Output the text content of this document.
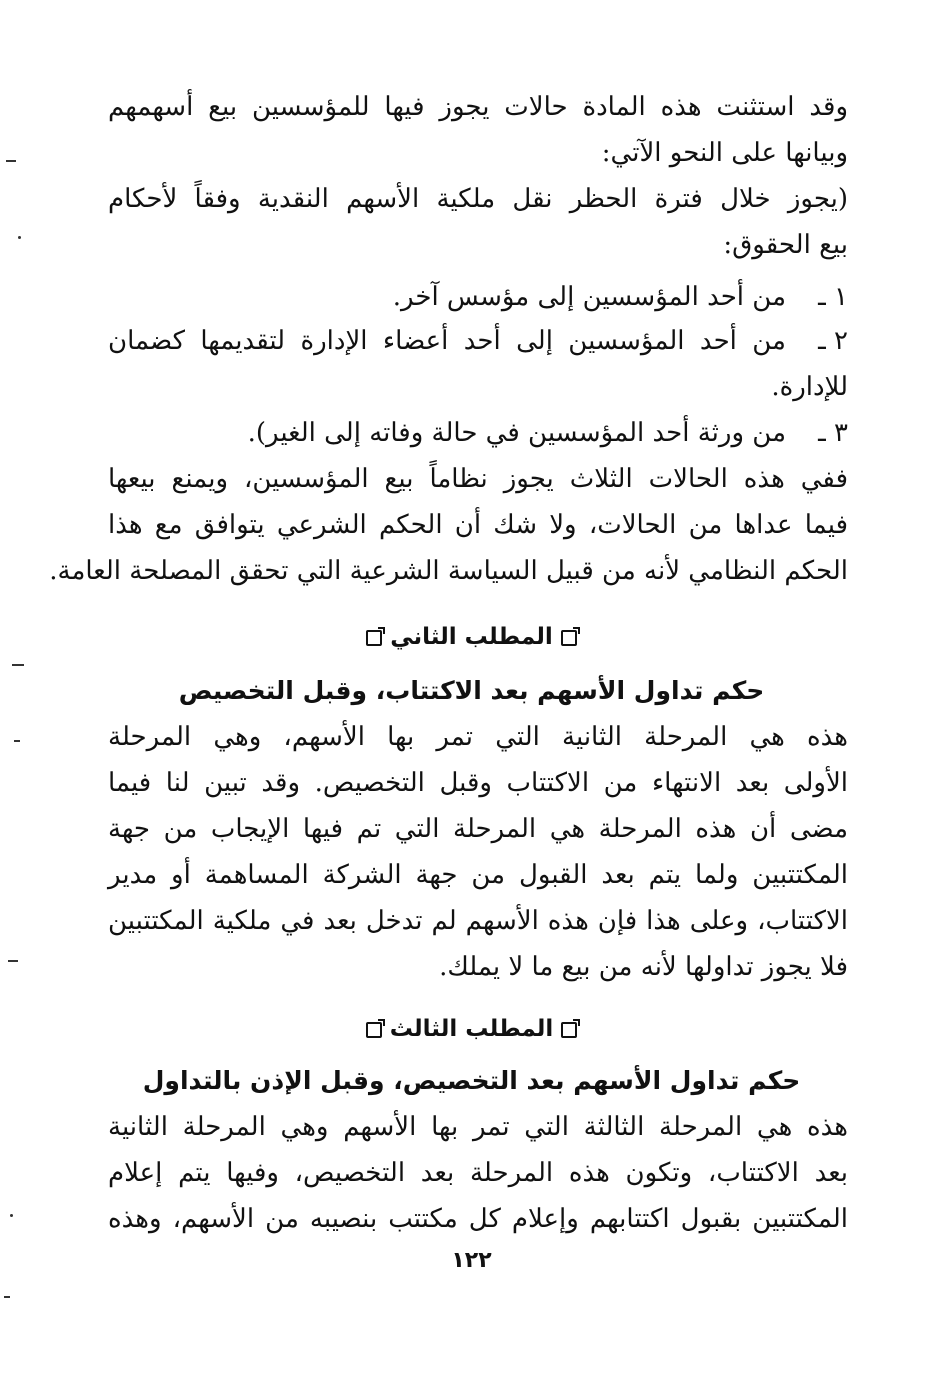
وقد استثنت هذه المادة حالات يجوز فيها للمؤسسين بيع أسهمهم
وبيانها على النحو الآتي:
(يجوز خلال فترة الحظر نقل ملكية الأسهم النقدية وفقاً لأحكام
بيع الحقوق:
١ ـ
من أحد المؤسسين إلى مؤسس آخر.
٢ ـ
من أحد المؤسسين إلى أحد أعضاء الإدارة لتقديمها كضمان
للإدارة.
٣ ـ
من ورثة أحد المؤسسين في حالة وفاته إلى الغير).
ففي هذه الحالات الثلاث يجوز نظاماً بيع المؤسسين، ويمنع بيعها
فيما عداها من الحالات، ولا شك أن الحكم الشرعي يتوافق مع هذا
الحكم النظامي لأنه من قبيل السياسة الشرعية التي تحقق المصلحة العامة.
المطلب الثاني
حكم تداول الأسهم بعد الاكتتاب، وقبل التخصيص
هذه هي المرحلة الثانية التي تمر بها الأسهم، وهي المرحلة
الأولى بعد الانتهاء من الاكتتاب وقبل التخصيص. وقد تبين لنا فيما
مضى أن هذه المرحلة هي المرحلة التي تم فيها الإيجاب من جهة
المكتتبين ولما يتم بعد القبول من جهة الشركة المساهمة أو مدير
الاكتتاب، وعلى هذا فإن هذه الأسهم لم تدخل بعد في ملكية المكتتبين
فلا يجوز تداولها لأنه من بيع ما لا يملك.
المطلب الثالث
حكم تداول الأسهم بعد التخصيص، وقبل الإذن بالتداول
هذه هي المرحلة الثالثة التي تمر بها الأسهم وهي المرحلة الثانية
بعد الاكتتاب، وتكون هذه المرحلة بعد التخصيص، وفيها يتم إعلام
المكتتبين بقبول اكتتابهم وإعلام كل مكتتب بنصيبه من الأسهم، وهذه
١٢٢
